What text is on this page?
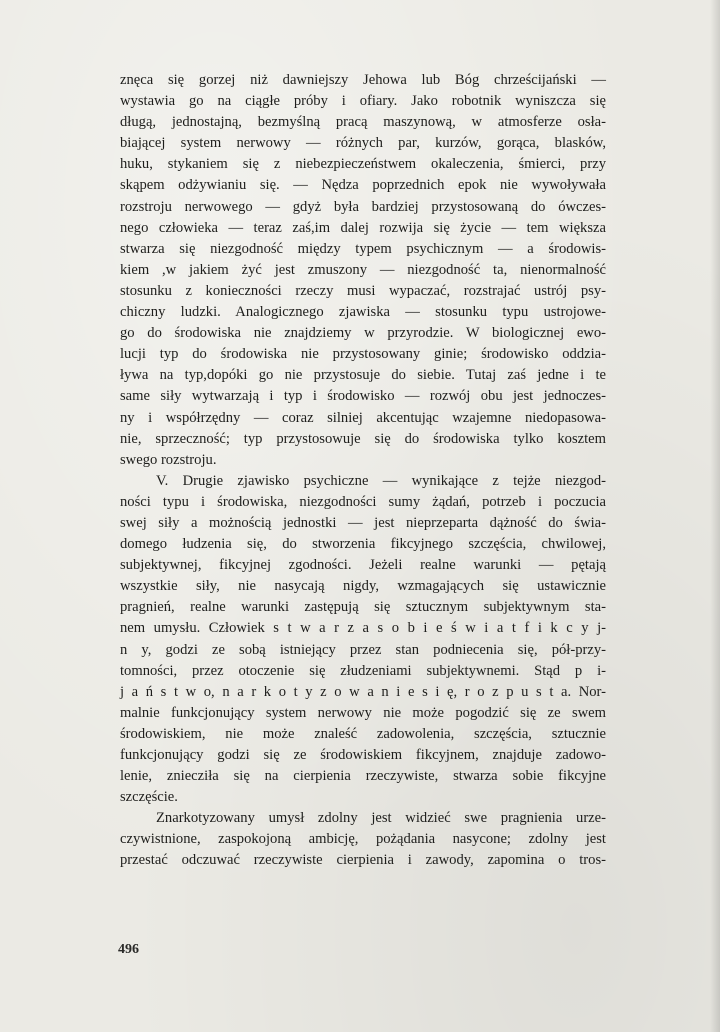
znęca się gorzej niż dawniejszy Jehowa lub Bóg chrześcijański —
wystawia go na ciągłe próby i ofiary. Jako robotnik wyniszcza się
długą, jednostajną, bezmyślną pracą maszynową, w atmosferze osła-
biającej system nerwowy — różnych par, kurzów, gorąca, blasków,
huku, stykaniem się z niebezpieczeństwem okaleczenia, śmierci, przy
skąpem odżywianiu się. — Nędza poprzednich epok nie wywoływała
rozstroju nerwowego — gdyż była bardziej przystosowaną do ówczes-
nego człowieka — teraz zaś,im dalej rozwija się życie — tem większa
stwarza się niezgodność między typem psychicznym — a środowis-
kiem ,w jakiem żyć jest zmuszony — niezgodność ta, nienormalność
stosunku z konieczności rzeczy musi wypaczać, rozstrajać ustrój psy-
chiczny ludzki. Analogicznego zjawiska — stosunku typu ustrojowe-
go do środowiska nie znajdziemy w przyrodzie. W biologicznej ewo-
lucji typ do środowiska nie przystosowany ginie; środowisko oddzia-
ływa na typ,dopóki go nie przystosuje do siebie. Tutaj zaś jedne i te
same siły wytwarzają i typ i środowisko — rozwój obu jest jednoczes-
ny i współrzędny — coraz silniej akcentując wzajemne niedopasowa-
nie, sprzeczność; typ przystosowuje się do środowiska tylko kosztem
swego rozstroju.
V. Drugie zjawisko psychiczne — wynikające z tejże niezgod-
ności typu i środowiska, niezgodności sumy żądań, potrzeb i poczucia
swej siły a możnością jednostki — jest nieprzeparta dążność do świa-
domego łudzenia się, do stworzenia fikcyjnego szczęścia, chwilowej,
subjektywnej, fikcyjnej zgodności. Jeżeli realne warunki — pętają
wszystkie siły, nie nasycają nigdy, wzmagających się ustawicznie
pragnień, realne warunki zastępują się sztucznym subjektywnym sta-
nem umysłu. Człowiek s t w a r z a s o b i e ś w i a t f i k c y j-
n y, godzi ze sobą istniejący przez stan podniecenia się, pół-przy-
tomności, przez otoczenie się złudzeniami subjektywnemi. Stąd p i-
j a ń s t w o, n a r k o t y z o w a n i e s i ę, r o z p u s t a. Nor-
malnie funkcjonujący system nerwowy nie może pogodzić się ze swem
środowiskiem, nie może znaleść zadowolenia, szczęścia, sztucznie
funkcjonujący godzi się ze środowiskiem fikcyjnem, znajduje zadowo-
lenie, zniecziła się na cierpienia rzeczywiste, stwarza sobie fikcyjne
szczęście.
Znarkotyzowany umysł zdolny jest widzieć swe pragnienia urze-
czywistnione, zaspokojoną ambicję, pożądania nasycone; zdolny jest
przestać odczuwać rzeczywiste cierpienia i zawody, zapomina o tros-
496
